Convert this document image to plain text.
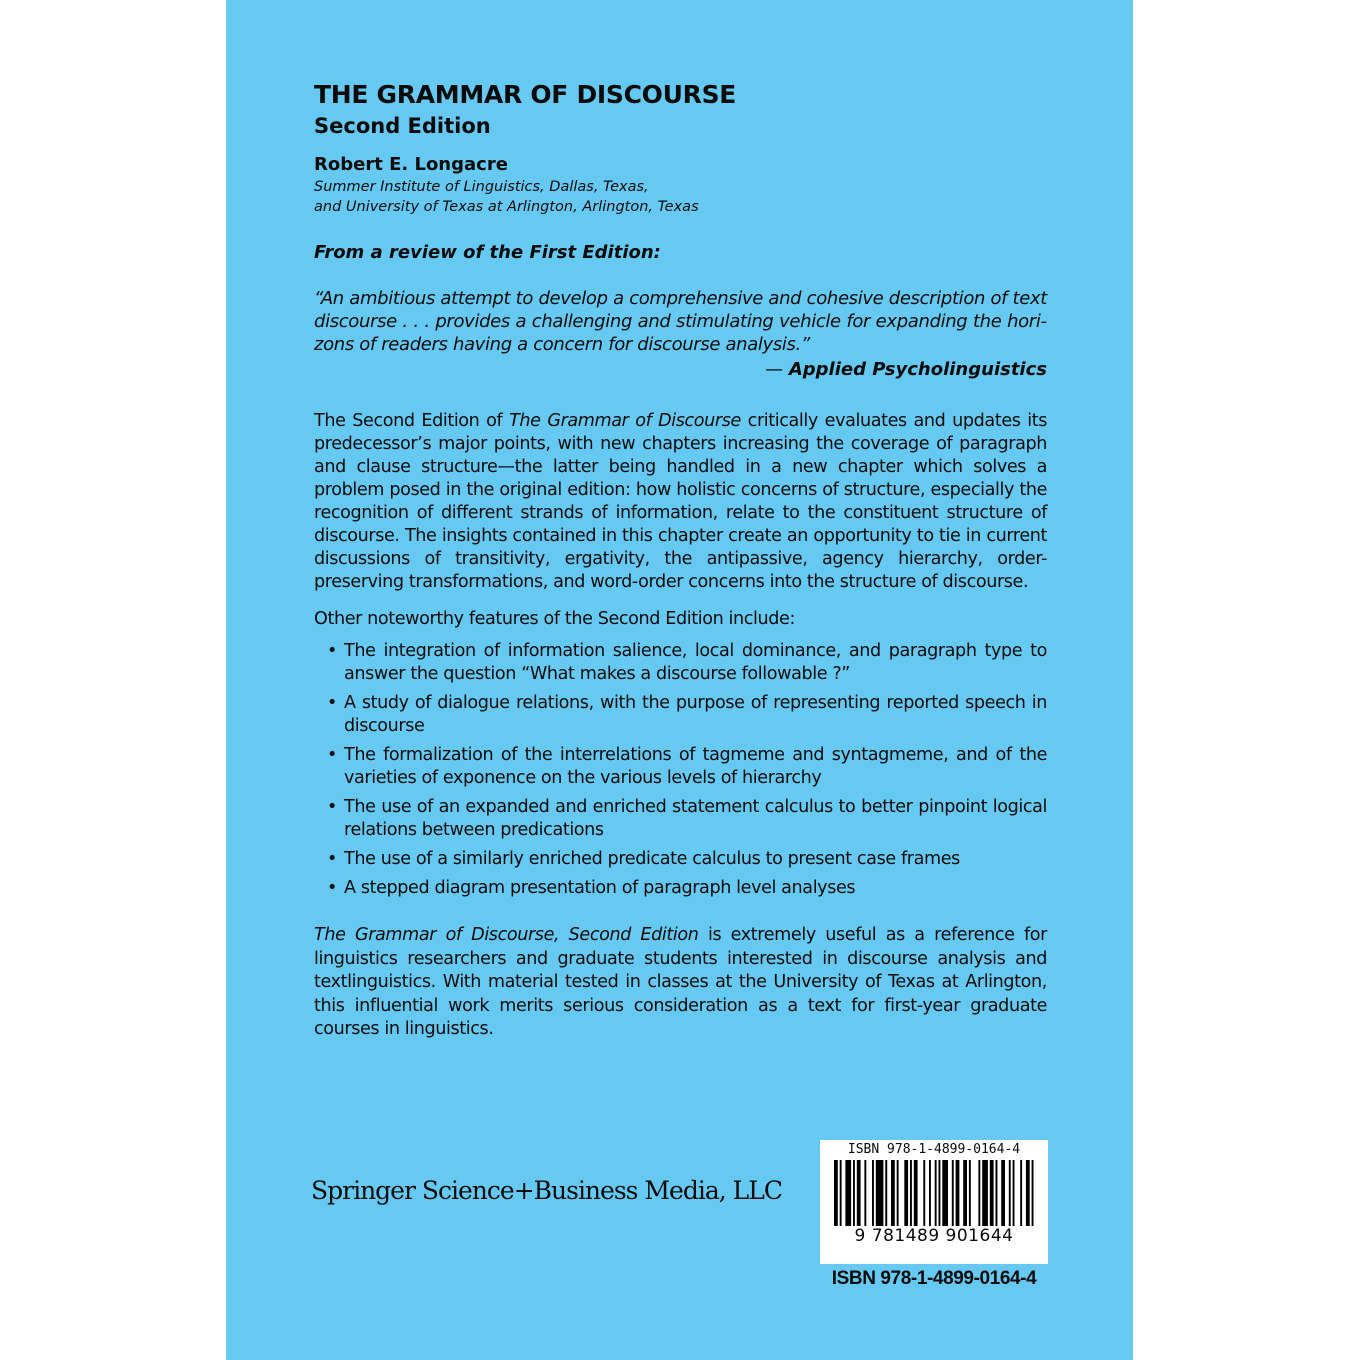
THE GRAMMAR OF DISCOURSE
Second Edition
Robert E. Longacre
Summer Institute of Linguistics, Dallas, Texas,
and University of Texas at Arlington, Arlington, Texas
From a review of the First Edition:
“An ambitious attempt to develop a comprehensive and cohesive description of text discourse . . . provides a challenging and stimulating vehicle for expanding the horizons of readers having a concern for discourse analysis.”
— Applied Psycholinguistics
The Second Edition of The Grammar of Discourse critically evaluates and updates its predecessor’s major points, with new chapters increasing the coverage of paragraph and clause structure—the latter being handled in a new chapter which solves a problem posed in the original edition: how holistic concerns of structure, especially the recognition of different strands of information, relate to the constituent structure of discourse. The insights contained in this chapter create an opportunity to tie in current discussions of transitivity, ergativity, the antipassive, agency hierarchy, order-preserving transformations, and word-order concerns into the structure of discourse.
Other noteworthy features of the Second Edition include:
• The integration of information salience, local dominance, and paragraph type to answer the question “What makes a discourse followable ?”
• A study of dialogue relations, with the purpose of representing reported speech in discourse
• The formalization of the interrelations of tagmeme and syntagmeme, and of the varieties of exponence on the various levels of hierarchy
• The use of an expanded and enriched statement calculus to better pinpoint logical relations between predications
• The use of a similarly enriched predicate calculus to present case frames
• A stepped diagram presentation of paragraph level analyses
The Grammar of Discourse, Second Edition is extremely useful as a reference for linguistics researchers and graduate students interested in discourse analysis and textlinguistics. With material tested in classes at the University of Texas at Arlington, this influential work merits serious consideration as a text for first-year graduate courses in linguistics.
Springer Science+Business Media, LLC
ISBN 978-1-4899-0164-4
9 781489 901644
ISBN 978-1-4899-0164-4
